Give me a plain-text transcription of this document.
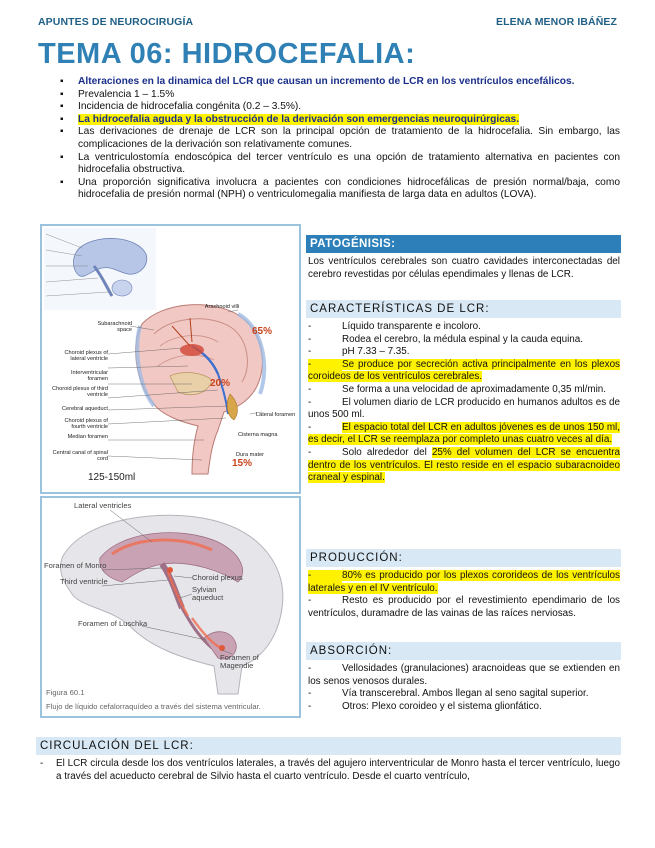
APUNTES DE NEUROCIRUGÍA	ELENA MENOR IBÁÑEZ
TEMA 06: HIDROCEFALIA:
▪ Alteraciones en la dinamica del LCR que causan un incremento de LCR en los ventrículos encefálicos.
▪ Prevalencia 1 – 1.5%
▪ Incidencia de hidrocefalia congénita (0.2 – 3.5%).
▪ La hidrocefalia aguda y la obstrucción de la derivación son emergencias neuroquirúrgicas.
▪ Las derivaciones de drenaje de LCR son la principal opción de tratamiento de la hidrocefalia. Sin embargo, las complicaciones de la derivación son relativamente comunes.
▪ La ventriculostomía endoscópica del tercer ventrículo es una opción de tratamiento alternativa en pacientes con hidrocefalia obstructiva.
▪ Una proporción significativa involucra a pacientes con condiciones hidrocefálicas de presión normal/baja, como hidrocefalia de presión normal (NPH) o ventriculomegalia manifiesta de larga data en adultos (LOVA).
Arachnoid villi
Subarachnoid space
Choroid plexus of lateral ventricle
Interventricular foramen
Choroid plexus of third ventricle
Cerebral aqueduct
Choroid plexus of fourth ventricle
Median foramen
Central canal of spinal cord
Lateral foramen
Cisterna magna
Dura mater
65%
20%
15%
125-150ml
Lateral ventricles
Foramen of Monro
Third ventricle	Choroid plexus
Sylvian aqueduct
Foramen of Luschka
Foramen of Magendie
Figura 60.1
Flujo de líquido cefalorraquídeo a través del sistema ventricular.
PATOGÉNISIS:
Los ventrículos cerebrales son cuatro cavidades interconectadas del cerebro revestidas por células ependimales y llenas de LCR.
CARACTERÍSTICAS DE LCR:
-	Líquido transparente e incoloro.
-	Rodea el cerebro, la médula espinal y la cauda equina.
-	pH 7.33 – 7.35.
-	Se produce por secreción activa principalmente en los plexos coroideos de los ventrículos cerebrales.
-	Se forma a una velocidad de aproximadamente 0,35 ml/min.
-	El volumen diario de LCR producido en humanos adultos es de unos 500 ml.
-	El espacio total del LCR en adultos jóvenes es de unos 150 ml, es decir, el LCR se reemplaza por completo unas cuatro veces al día.
-	Solo alrededor del 25% del volumen del LCR se encuentra dentro de los ventrículos. El resto reside en el espacio subaracnoideo craneal y espinal.
PRODUCCIÓN:
-	80% es producido por los plexos cororideos de los ventrículos laterales y en el IV ventrículo.
-	Resto es producido por el revestimiento ependimario de los ventrículos, duramadre de las vainas de las raíces nerviosas.
ABSORCIÓN:
-	Vellosidades (granulaciones) aracnoideas que se extienden en los senos venosos durales.
-	Vía transcerebral. Ambos llegan al seno sagital superior.
-	Otros: Plexo coroideo y el sistema glionfático.
CIRCULACIÓN DEL LCR:
- El LCR circula desde los dos ventrículos laterales, a través del agujero interventricular de Monro hasta el tercer ventrículo, luego a través del acueducto cerebral de Silvio hasta el cuarto ventrículo. Desde el cuarto ventrículo,
